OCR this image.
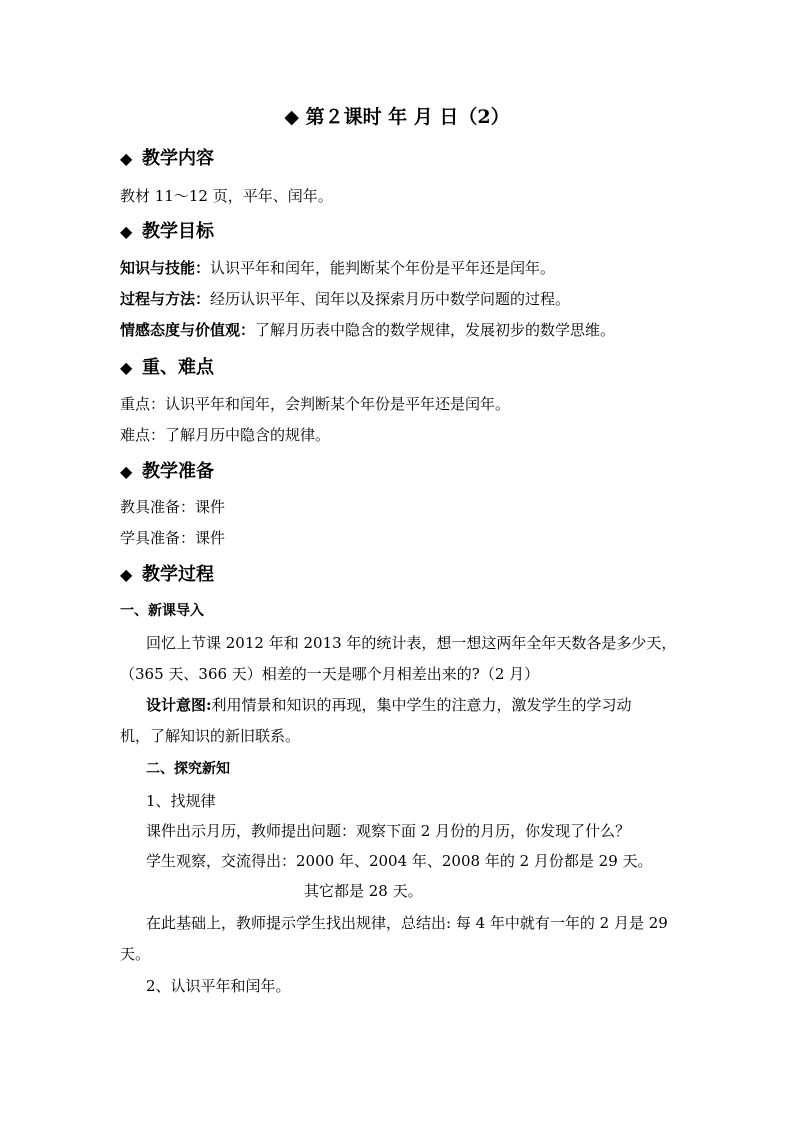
◆ 第２课时 年 月 日（2）
◆ 教学内容
教材 11～12 页，平年、闰年。
◆ 教学目标
知识与技能：认识平年和闰年，能判断某个年份是平年还是闰年。
过程与方法：经历认识平年、闰年以及探索月历中数学问题的过程。
情感态度与价值观：了解月历表中隐含的数学规律，发展初步的数学思维。
◆ 重、难点
重点：认识平年和闰年，会判断某个年份是平年还是闰年。
难点：了解月历中隐含的规律。
◆ 教学准备
教具准备：课件
学具准备：课件
◆ 教学过程
一、新课导入
回忆上节课 2012 年和 2013 年的统计表，想一想这两年全年天数各是多少天，
（365 天、366 天）相差的一天是哪个月相差出来的?（2 月）
设计意图:利用情景和知识的再现，集中学生的注意力，激发学生的学习动
机，了解知识的新旧联系。
二、探究新知
1、找规律
课件出示月历，教师提出问题：观察下面 2 月份的月历，你发现了什么？
学生观察，交流得出：2000 年、2004 年、2008 年的 2 月份都是 29 天。
其它都是 28 天。
在此基础上，教师提示学生找出规律，总结出: 每 4 年中就有一年的 2 月是 29
天。
2、认识平年和闰年。
